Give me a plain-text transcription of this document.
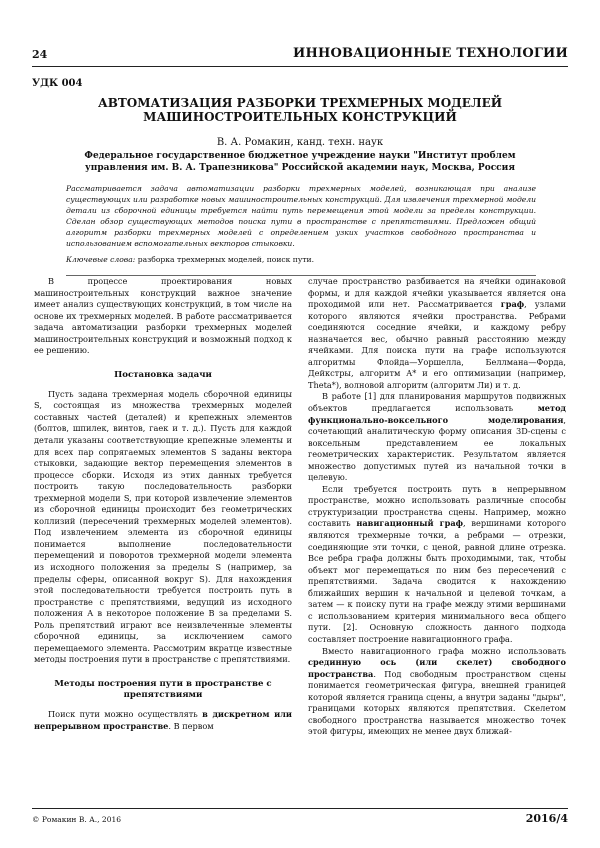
24	ИННОВАЦИОННЫЕ ТЕХНОЛОГИИ
УДК 004
АВТОМАТИЗАЦИЯ РАЗБОРКИ ТРЕХМЕРНЫХ МОДЕЛЕЙ МАШИНОСТРОИТЕЛЬНЫХ КОНСТРУКЦИЙ
В. А. Ромакин, канд. техн. наук
Федеральное государственное бюджетное учреждение науки "Институт проблем управления им. В. А. Трапезникова" Российской академии наук, Москва, Россия
Рассматривается задача автоматизации разборки трехмерных моделей, возникающая при анализе существующих или разработке новых машиностроительных конструкций. Для извлечения трехмерной модели детали из сборочной единицы требуется найти путь перемещения этой модели за пределы конструкции. Сделан обзор существующих методов поиска пути в пространстве с препятствиями. Предложен общий алгоритм разборки трехмерных моделей с определением узких участков свободного пространства и использованием вспомогательных векторов стыковки.
Ключевые слова: разборка трехмерных моделей, поиск пути.

В процессе проектирования новых машиностроительных конструкций важное значение имеет анализ существующих конструкций, в том числе на основе их трехмерных моделей. В работе рассматривается задача автоматизации разборки трехмерных моделей машиностроительных конструкций и возможный подход к ее решению.

Постановка задачи

Пусть задана трехмерная модель сборочной единицы S, состоящая из множества трехмерных моделей составных частей (деталей) и крепежных элементов (болтов, шпилек, винтов, гаек и т. д.). Пусть для каждой детали указаны соответствующие крепежные элементы и для всех пар сопрягаемых элементов S заданы вектора стыковки, задающие вектор перемещения элементов в процессе сборки. Исходя из этих данных требуется построить такую последовательность разборки трехмерной модели S, при которой извлечение элементов из сборочной единицы происходит без геометрических коллизий (пересечений трехмерных моделей элементов). Под извлечением элемента из сборочной единицы понимается выполнение последовательности перемещений и поворотов трехмерной модели элемента из исходного положения за пределы S (например, за пределы сферы, описанной вокруг S). Для нахождения этой последовательности требуется построить путь в пространстве с препятствиями, ведущий из исходного положения A в некоторое положение B за пределами S. Роль препятствий играют все неизвлеченные элементы сборочной единицы, за исключением самого перемещаемого элемента. Рассмотрим вкратце известные методы построения пути в пространстве с препятствиями.

Методы построения пути в пространстве с препятствиями

Поиск пути можно осуществлять в дискретном или непрерывном пространстве. В первом

случае пространство разбивается на ячейки одинаковой формы, и для каждой ячейки указывается является она проходимой или нет. Рассматривается граф, узлами которого являются ячейки пространства. Ребрами соединяются соседние ячейки, и каждому ребру назначается вес, обычно равный расстоянию между ячейками. Для поиска пути на графе используются алгоритмы Флойда—Уоршелла, Беллмана—Форда, Дейкстры, алгоритм A* и его оптимизации (например, Theta*), волновой алгоритм (алгоритм Ли) и т. д.

В работе [1] для планирования маршрутов подвижных объектов предлагается использовать метод функционально-воксельного моделирования, сочетающий аналитическую форму описания 3D-сцены с воксельным представлением ее локальных геометрических характеристик. Результатом является множество допустимых путей из начальной точки в целевую.

Если требуется построить путь в непрерывном пространстве, можно использовать различные способы структуризации пространства сцены. Например, можно составить навигационный граф, вершинами которого являются трехмерные точки, а ребрами — отрезки, соединяющие эти точки, с ценой, равной длине отрезка. Все ребра графа должны быть проходимыми, так, чтобы объект мог перемещаться по ним без пересечений с препятствиями. Задача сводится к нахождению ближайших вершин к начальной и целевой точкам, а затем — к поиску пути на графе между этими вершинами с использованием критерия минимального веса общего пути. [2]. Основную сложность данного подхода составляет построение навигационного графа.

Вместо навигационного графа можно использовать срединную ось (или скелет) свободного пространства. Под свободным пространством сцены понимается геометрическая фигура, внешней границей которой является граница сцены, а внутри заданы "дыры", границами которых являются препятствия. Скелетом свободного пространства называется множество точек этой фигуры, имеющих не менее двух ближай-

© Ромакин В. А., 2016	2016/4
